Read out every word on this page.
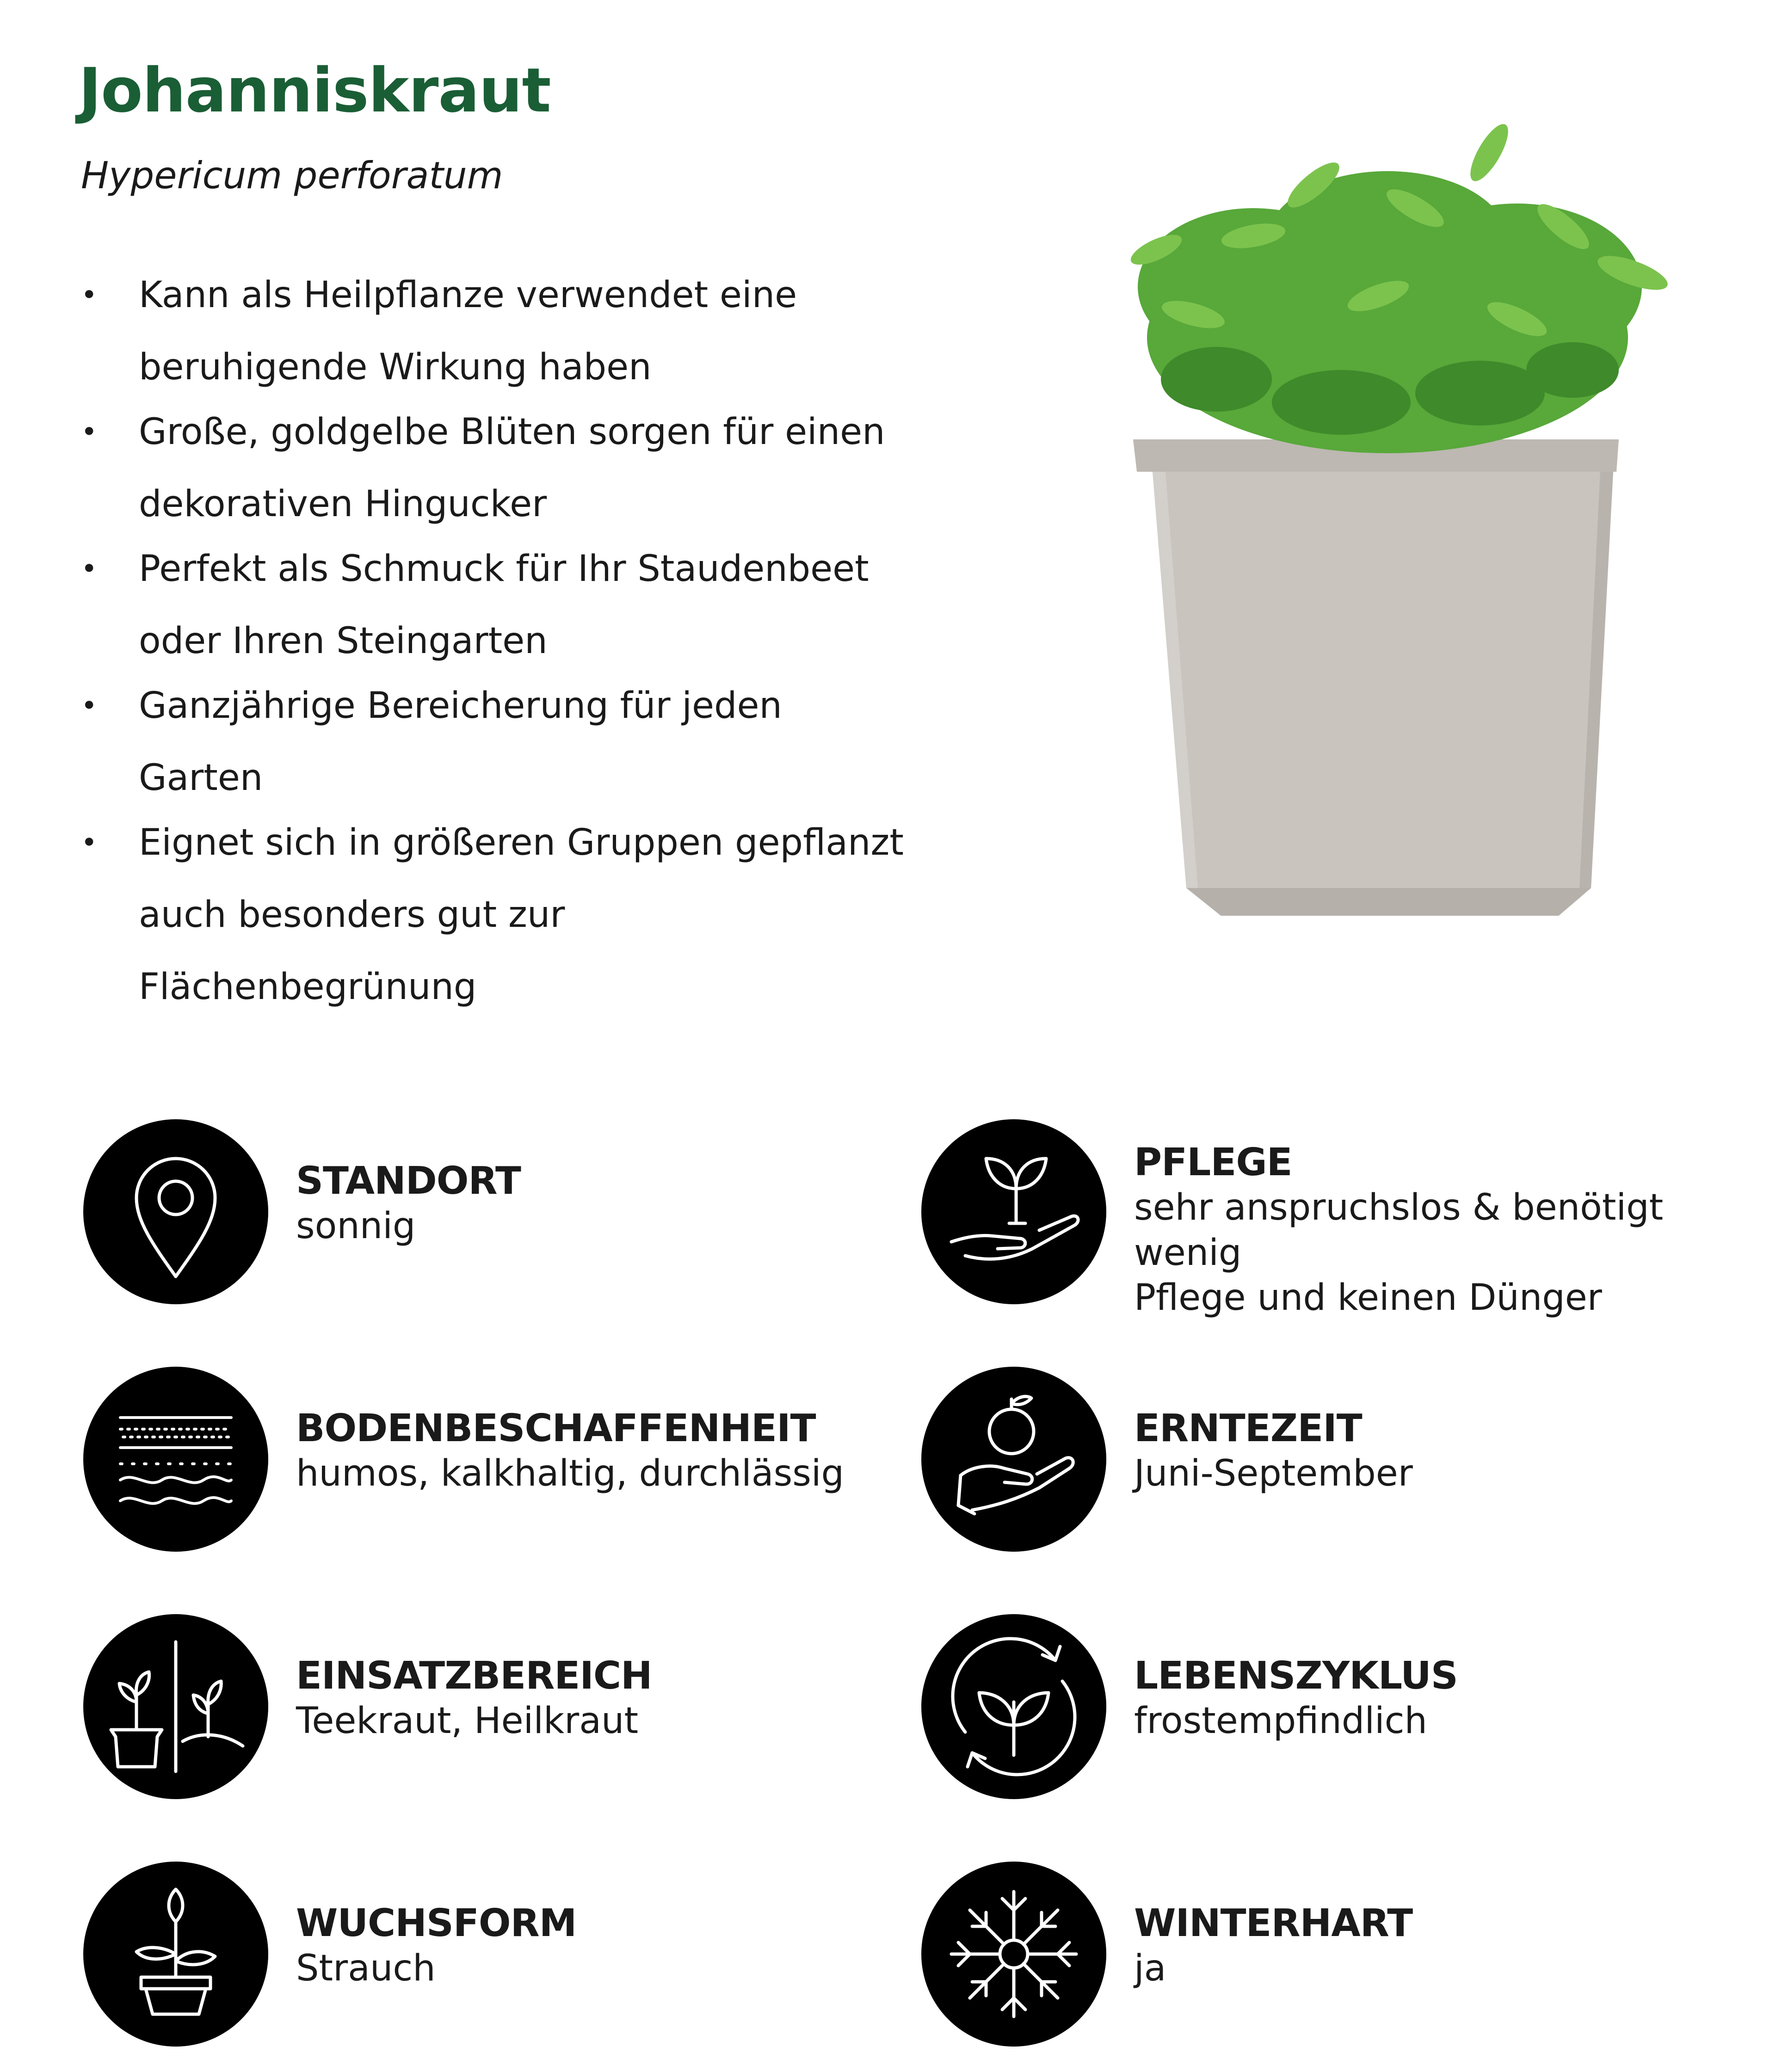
Johanniskraut

Hypericum perforatum

• Kann als Heilpflanze verwendet eine
beruhigende Wirkung haben
• Große, goldgelbe Blüten sorgen für einen
dekorativen Hingucker
• Perfekt als Schmuck für Ihr Staudenbeet
oder Ihren Steingarten
• Ganzjährige Bereicherung für jeden Garten
• Eignet sich in größeren Gruppen gepflanzt
auch besonders gut zur Flächenbegrünung
STANDORT
sonnig
PFLEGE
sehr anspruchslos & benötigt wenig
Pflege und keinen Dünger
BODENBESCHAFFENHEIT
humos, kalkhaltig, durchlässig
ERNTEZEIT
Juni-September
EINSATZBEREICH
Teekraut, Heilkraut
LEBENSZYKLUS
frostempfindlich
WUCHSFORM
Strauch
WINTERHART
ja
